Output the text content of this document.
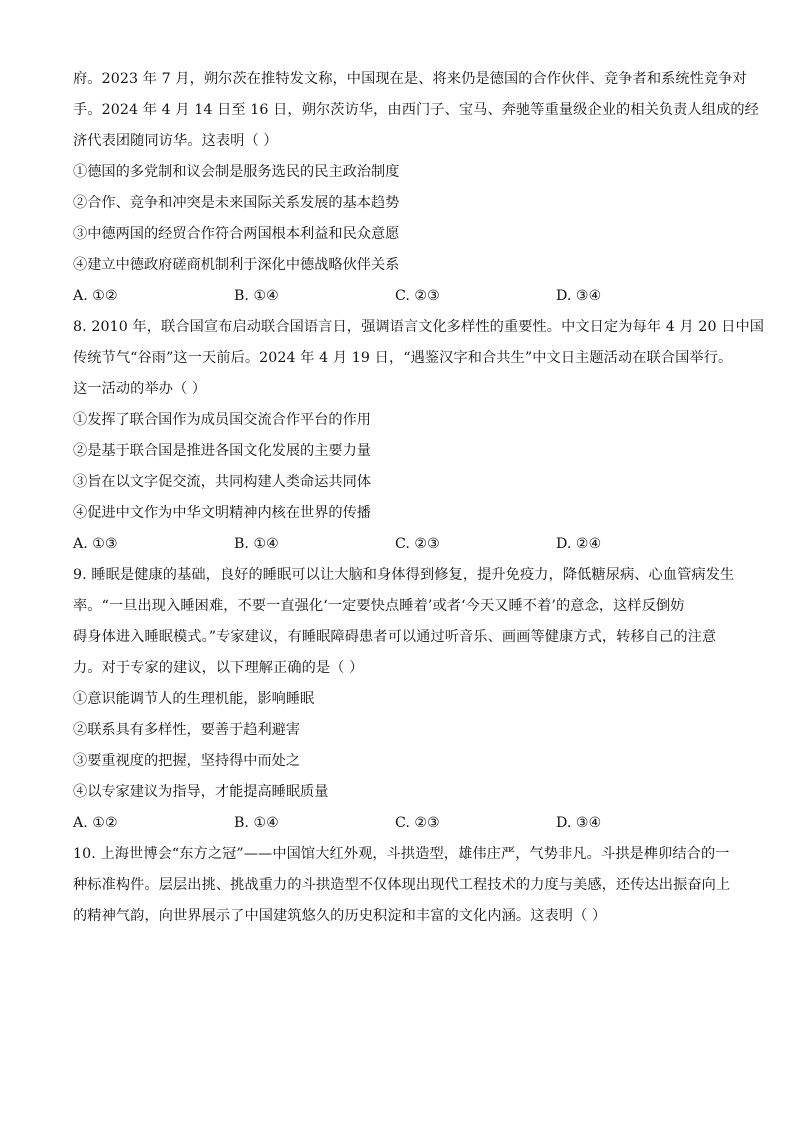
府。2023 年 7 月，朔尔茨在推特发文称，中国现在是、将来仍是德国的合作伙伴、竞争者和系统性竞争对
手。2024 年 4 月 14 日至 16 日，朔尔茨访华，由西门子、宝马、奔驰等重量级企业的相关负责人组成的经
济代表团随同访华。这表明（ ）
①德国的多党制和议会制是服务选民的民主政治制度
②合作、竞争和冲突是未来国际关系发展的基本趋势
③中德两国的经贸合作符合两国根本利益和民众意愿
④建立中德政府磋商机制利于深化中德战略伙伴关系
A. ①②	B. ①④	C. ②③	D. ③④
8. 2010 年，联合国宣布启动联合国语言日，强调语言文化多样性的重要性。中文日定为每年 4 月 20 日中国
传统节气“谷雨”这一天前后。2024 年 4 月 19 日，“遇鉴汉字和合共生”中文日主题活动在联合国举行。
这一活动的举办（ ）
①发挥了联合国作为成员国交流合作平台的作用
②是基于联合国是推进各国文化发展的主要力量
③旨在以文字促交流，共同构建人类命运共同体
④促进中文作为中华文明精神内核在世界的传播
A. ①③	B. ①④	C. ②③	D. ②④
9. 睡眠是健康的基础，良好的睡眠可以让大脑和身体得到修复，提升免疫力，降低糖尿病、心血管病发生
率。“一旦出现入睡困难，不要一直强化‘一定要快点睡着’或者‘今天又睡不着’的意念，这样反倒妨
碍身体进入睡眠模式。”专家建议，有睡眠障碍患者可以通过听音乐、画画等健康方式，转移自己的注意
力。对于专家的建议，以下理解正确的是（ ）
①意识能调节人的生理机能，影响睡眠
②联系具有多样性，要善于趋利避害
③要重视度的把握，坚持得中而处之
④以专家建议为指导，才能提高睡眠质量
A. ①②	B. ①④	C. ②③	D. ③④
10. 上海世博会“东方之冠”——中国馆大红外观，斗拱造型，雄伟庄严，气势非凡。斗拱是榫卯结合的一
种标准构件。层层出挑、挑战重力的斗拱造型不仅体现出现代工程技术的力度与美感，还传达出振奋向上
的精神气韵，向世界展示了中国建筑悠久的历史积淀和丰富的文化内涵。这表明（ ）
